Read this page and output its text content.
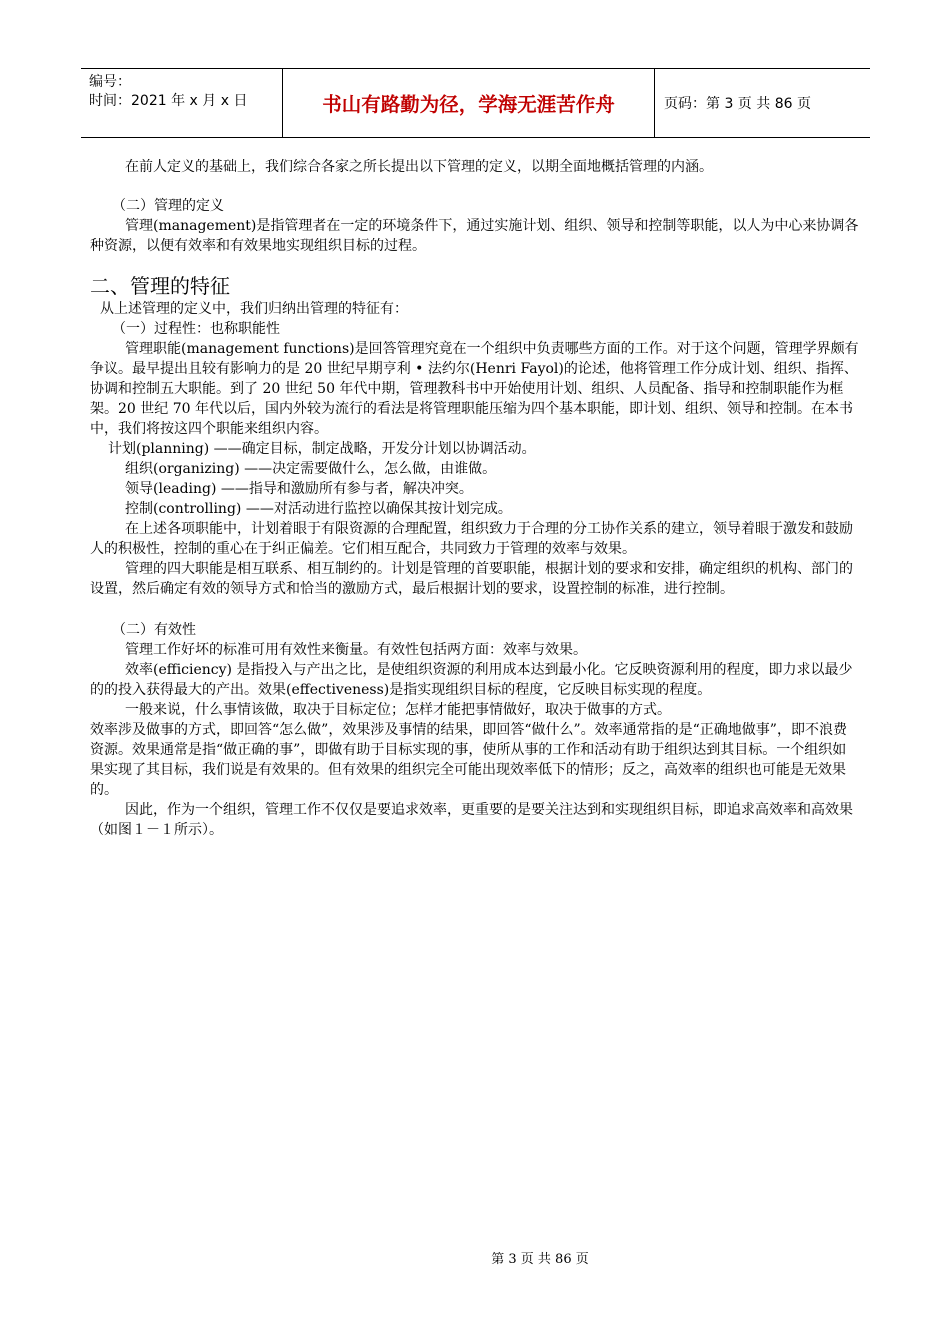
编号：
时间：2021 年 x 月 x 日	书山有路勤为径，学海无涯苦作舟	页码：第 3 页 共 86 页

在前人定义的基础上，我们综合各家之所长提出以下管理的定义，以期全面地概括管理的内涵。

（二）管理的定义

管理(management)是指管理者在一定的环境条件下，通过实施计划、组织、领导和控制等职能，以人为中心来协调各种资源，以便有效率和有效果地实现组织目标的过程。

二、管理的特征

从上述管理的定义中，我们归纳出管理的特征有：

（一）过程性：也称职能性

管理职能(management functions)是回答管理究竟在一个组织中负责哪些方面的工作。对于这个问题，管理学界颇有争议。最早提出且较有影响力的是 20 世纪早期亨利 • 法约尔(Henri Fayol)的论述，他将管理工作分成计划、组织、指挥、协调和控制五大职能。到了 20 世纪 50 年代中期，管理教科书中开始使用计划、组织、人员配备、指导和控制职能作为框架。20 世纪 70 年代以后，国内外较为流行的看法是将管理职能压缩为四个基本职能，即计划、组织、领导和控制。在本书中，我们将按这四个职能来组织内容。

计划(planning) ——确定目标，制定战略，开发分计划以协调活动。

组织(organizing) ——决定需要做什么，怎么做，由谁做。

领导(leading) ——指导和激励所有参与者，解决冲突。

控制(controlling) ——对活动进行监控以确保其按计划完成。

在上述各项职能中，计划着眼于有限资源的合理配置，组织致力于合理的分工协作关系的建立，领导着眼于激发和鼓励人的积极性，控制的重心在于纠正偏差。它们相互配合，共同致力于管理的效率与效果。

管理的四大职能是相互联系、相互制约的。计划是管理的首要职能，根据计划的要求和安排，确定组织的机构、部门的设置，然后确定有效的领导方式和恰当的激励方式，最后根据计划的要求，设置控制的标准，进行控制。

（二）有效性

管理工作好坏的标准可用有效性来衡量。有效性包括两方面：效率与效果。

效率(efficiency) 是指投入与产出之比，是使组织资源的利用成本达到最小化。它反映资源利用的程度，即力求以最少的的投入获得最大的产出。效果(effectiveness)是指实现组织目标的程度，它反映目标实现的程度。

一般来说，什么事情该做，取决于目标定位；怎样才能把事情做好，取决于做事的方式。

效率涉及做事的方式，即回答“怎么做”，效果涉及事情的结果，即回答“做什么”。效率通常指的是“正确地做事”，即不浪费资源。效果通常是指“做正确的事”，即做有助于目标实现的事，使所从事的工作和活动有助于组织达到其目标。一个组织如果实现了其目标，我们说是有效果的。但有效果的组织完全可能出现效率低下的情形；反之，高效率的组织也可能是无效果的。

因此，作为一个组织，管理工作不仅仅是要追求效率，更重要的是要关注达到和实现组织目标，即追求高效率和高效果（如图１－１所示）。

第 3 页 共 86 页
